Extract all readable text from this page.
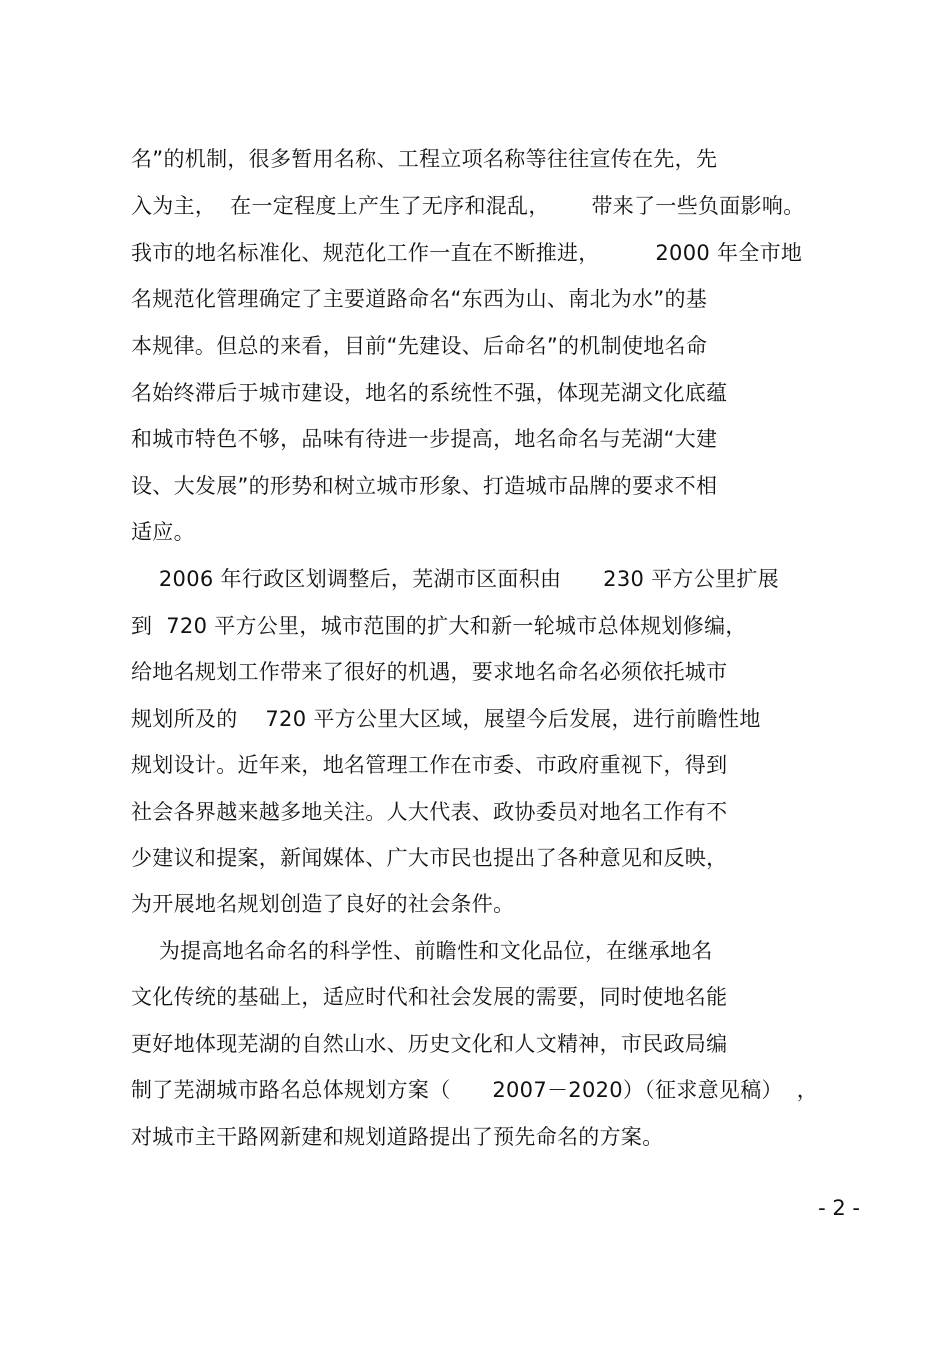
名”的机制，很多暂用名称、工程立项名称等往往宣传在先，先
入为主，  在一定程度上产生了无序和混乱，      带来了一些负面影响。
我市的地名标准化、规范化工作一直在不断推进，        2000 年全市地
名规范化管理确定了主要道路命名“东西为山、南北为水”的基
本规律。但总的来看，目前“先建设、后命名”的机制使地名命
名始终滞后于城市建设，地名的系统性不强，体现芜湖文化底蕴
和城市特色不够，品味有待进一步提高，地名命名与芜湖“大建
设、大发展”的形势和树立城市形象、打造城市品牌的要求不相
适应。
2006 年行政区划调整后，芜湖市区面积由      230 平方公里扩展
到  720 平方公里，城市范围的扩大和新一轮城市总体规划修编，
给地名规划工作带来了很好的机遇，要求地名命名必须依托城市
规划所及的    720 平方公里大区域，展望今后发展，进行前瞻性地
规划设计。近年来，地名管理工作在市委、市政府重视下，得到
社会各界越来越多地关注。人大代表、政协委员对地名工作有不
少建议和提案，新闻媒体、广大市民也提出了各种意见和反映，
为开展地名规划创造了良好的社会条件。
为提高地名命名的科学性、前瞻性和文化品位，在继承地名
文化传统的基础上，适应时代和社会发展的需要，同时使地名能
更好地体现芜湖的自然山水、历史文化和人文精神，市民政局编
制了芜湖城市路名总体规划方案（      2007－2020）（征求意见稿）  ，
对城市主干路网新建和规划道路提出了预先命名的方案。
- 2 -
